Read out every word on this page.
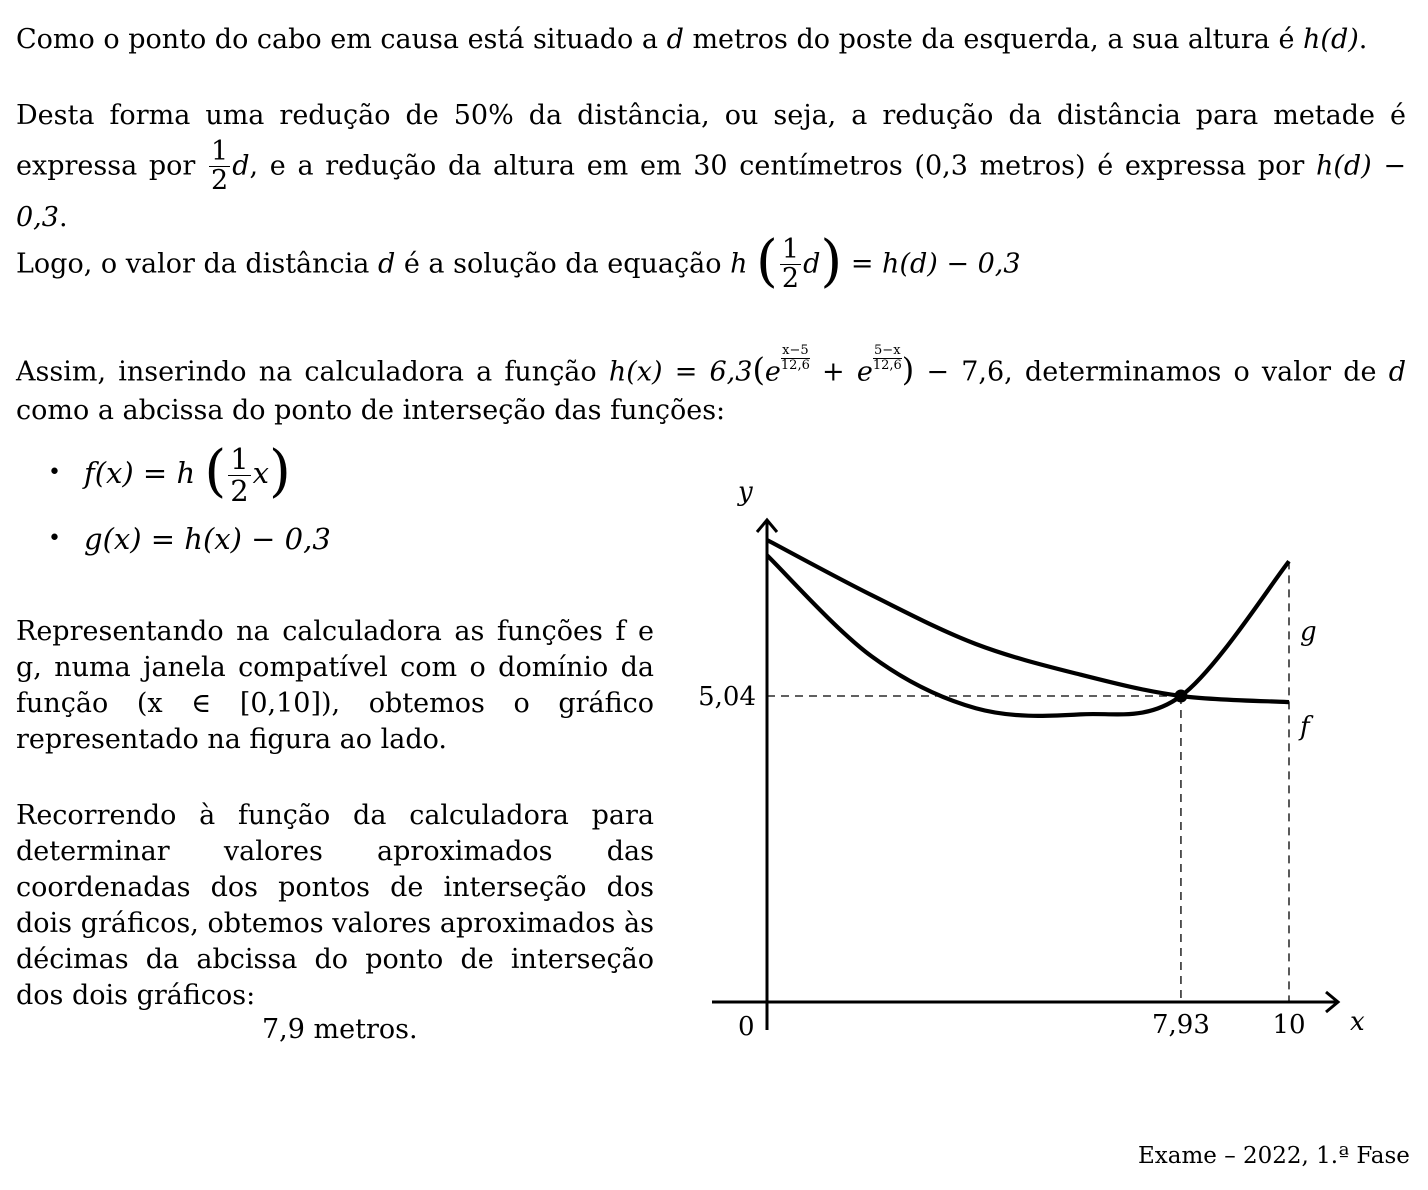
Como o ponto do cabo em causa está situado a d metros do poste da esquerda, a sua altura é h(d).

Desta forma uma redução de 50% da distância, ou seja, a redução da distância para metade é expressa por $\frac{1}{2} d$, e a redução da altura em em 30 centímetros (0,3 metros) é expressa por h(d) − 0,3.

Logo, o valor da distância d é a solução da equação h ( $\frac{1}{2} d) = h(d) - 0,3$

Assim, inserindo na calculadora a função $h(x) = 6,3(e \frac{x-5}{12,6} + e \frac{5-x}{12,6}$ ) − 7,6, determinamos o valor de d como a abcissa do ponto de interseção das funções:

• f(x) = h ( $\frac{1}{2} x$)
• g(x) = h(x) − 0,3

Representando na calculadora as funções f e g, numa janela compatível com o domínio da função (x ∈ [0,10]), obtemos o gráfico representado na figura ao lado.

Recorrendo à função da calculadora para determinar valores aproximados das coordenadas dos pontos de interseção dos dois gráficos, obtemos valores aproximados às décimas da abcissa do ponto de interseção dos dois gráficos:

7,9 metros.

Exame – 2022, 1.ª Fase

y
x
0
5,04
7,93 10
g
f
